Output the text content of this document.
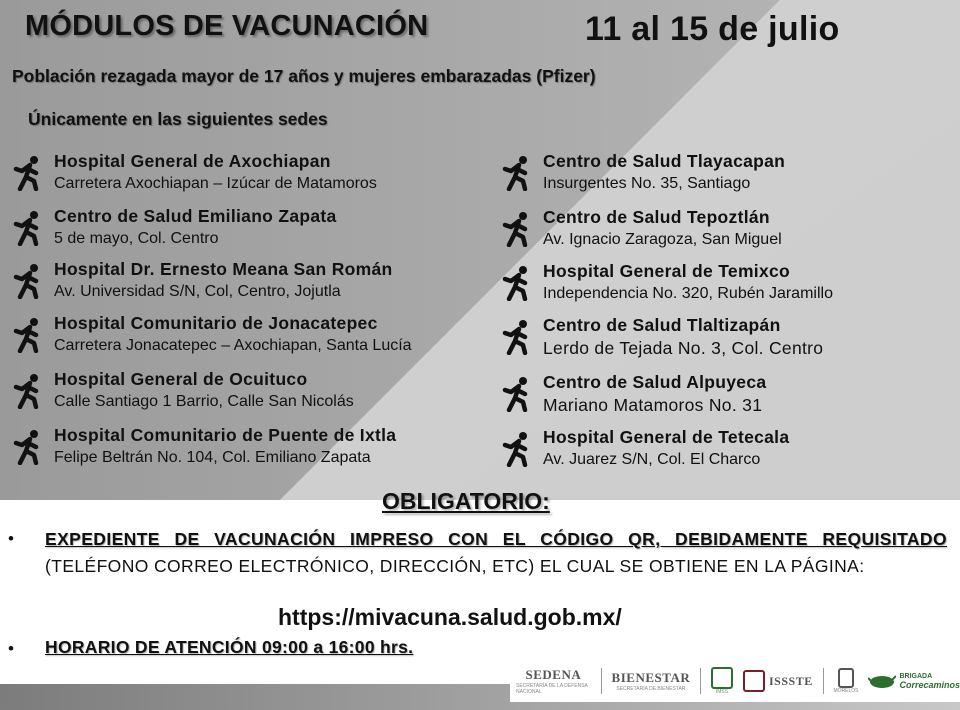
MÓDULOS DE VACUNACIÓN	11 al 15 de julio
Población rezagada mayor de 17 años y mujeres embarazadas (Pfizer)
Únicamente en las siguientes sedes
Hospital General de Axochiapan
Carretera Axochiapan – Izúcar de Matamoros
Centro de Salud Emiliano Zapata
5 de mayo, Col. Centro
Hospital Dr. Ernesto Meana San Román
Av. Universidad S/N, Col, Centro, Jojutla
Hospital Comunitario de Jonacatepec
Carretera Jonacatepec – Axochiapan, Santa Lucía
Hospital General de Ocuituco
Calle Santiago 1 Barrio, Calle San Nicolás
Hospital Comunitario de Puente de Ixtla
Felipe Beltrán No. 104, Col. Emiliano Zapata
Centro de Salud Tlayacapan
Insurgentes No. 35, Santiago
Centro de Salud Tepoztlán
Av. Ignacio Zaragoza, San Miguel
Hospital General de Temixco
Independencia No. 320, Rubén Jaramillo
Centro de Salud Tlaltizapán
Lerdo de Tejada No. 3, Col. Centro
Centro de Salud Alpuyeca
Mariano Matamoros No. 31
Hospital General de Tetecala
Av. Juarez S/N, Col. El Charco
OBLIGATORIO:
• EXPEDIENTE DE VACUNACIÓN IMPRESO CON EL CÓDIGO QR, DEBIDAMENTE REQUISITADO (TELÉFONO CORREO ELECTRÓNICO, DIRECCIÓN, ETC) EL CUAL SE OBTIENE EN LA PÁGINA:
https://mivacuna.salud.gob.mx/
• HORARIO DE ATENCIÓN 09:00 a 16:00 hrs.
SEDENA
SECRETARÍA DE LA DEFENSA NACIONAL
BIENESTAR
SECRETARÍA DE BIENESTAR	IMSS
ISSSTE
MORELOS
BRIGADA
Correcaminos
